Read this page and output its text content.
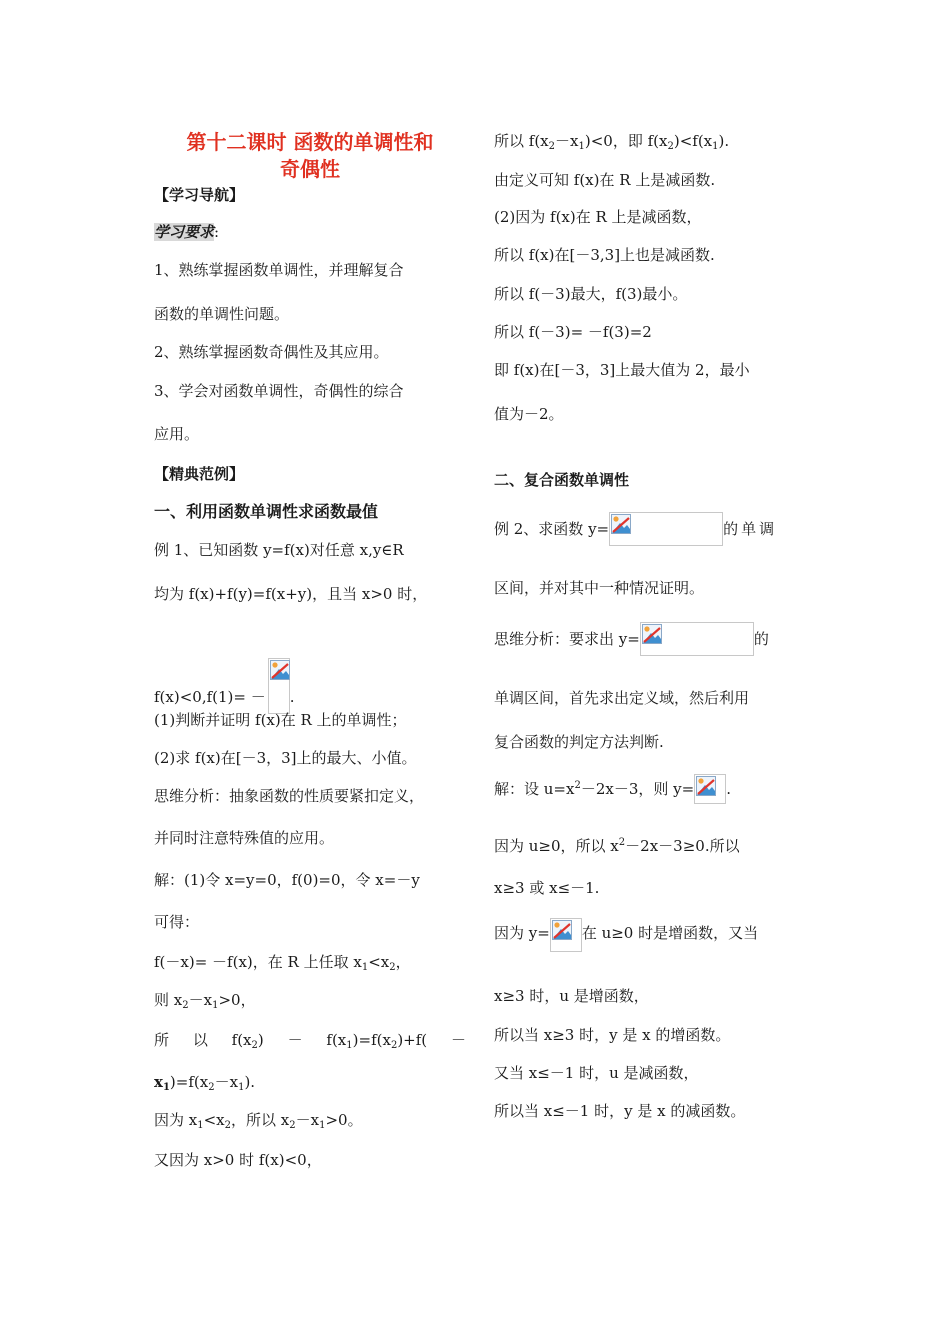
第十二课时 函数的单调性和
奇偶性
【学习导航】
学习要求:
1、熟练掌握函数单调性，并理解复合
函数的单调性问题。
2、熟练掌握函数奇偶性及其应用。
3、学会对函数单调性，奇偶性的综合
应用。
【精典范例】
一、利用函数单调性求函数最值
例 1、已知函数 y=f(x)对任意 x,y∈R
均为 f(x)+f(y)=f(x+y)，且当 x>0 时，
f(x)<0,f(1)= － .
(1)判断并证明 f(x)在 R 上的单调性；
(2)求 f(x)在[－3，3]上的最大、小值。
思维分析：抽象函数的性质要紧扣定义，
并同时注意特殊值的应用。
解：(1)令 x=y=0，f(0)=0，令 x=－y
可得：
f(－x)= －f(x)，在 R 上任取 $x_1<x_2$，
则 $x_2-x_1>0$，
所 以 $f(x_2) - f(x_1)=f(x_2)+f$( －
$x_1)=f(x_2-x_1)$.
因为 $x_1<x_2$，所以 $x_2-x_1>0$。
又因为 x>0 时 f(x)<0，
所以 $f(x_2-x_1)<0$，即 $f(x_2)<f(x_1)$.
由定义可知 f(x)在 R 上是减函数.
(2)因为 f(x)在 R 上是减函数，
所以 f(x)在[－3,3]上也是减函数.
所以 f(－3)最大，f(3)最小。
所以 f(－3)= －f(3)=2
即 f(x)在[－3，3]上最大值为 2，最小
值为－2。
二、复合函数单调性
例 2、求函数 y=	的单调
区间，并对其中一种情况证明。
思维分析：要求出 y=	的
单调区间，首先求出定义域，然后利用
复合函数的判定方法判断.
解：设 $u=x^2-2x-3$，则 y= .
因为 u≥0，所以 $x^2-2x-3\ge 0$.所以
x≥3 或 x≤－1.
因为 y= 在 u≥0 时是增函数，又当
x≥3 时，u 是增函数，
所以当 x≥3 时，y 是 x 的增函数。
又当 x≤－1 时，u 是减函数，
所以当 x≤－1 时，y 是 x 的减函数。
